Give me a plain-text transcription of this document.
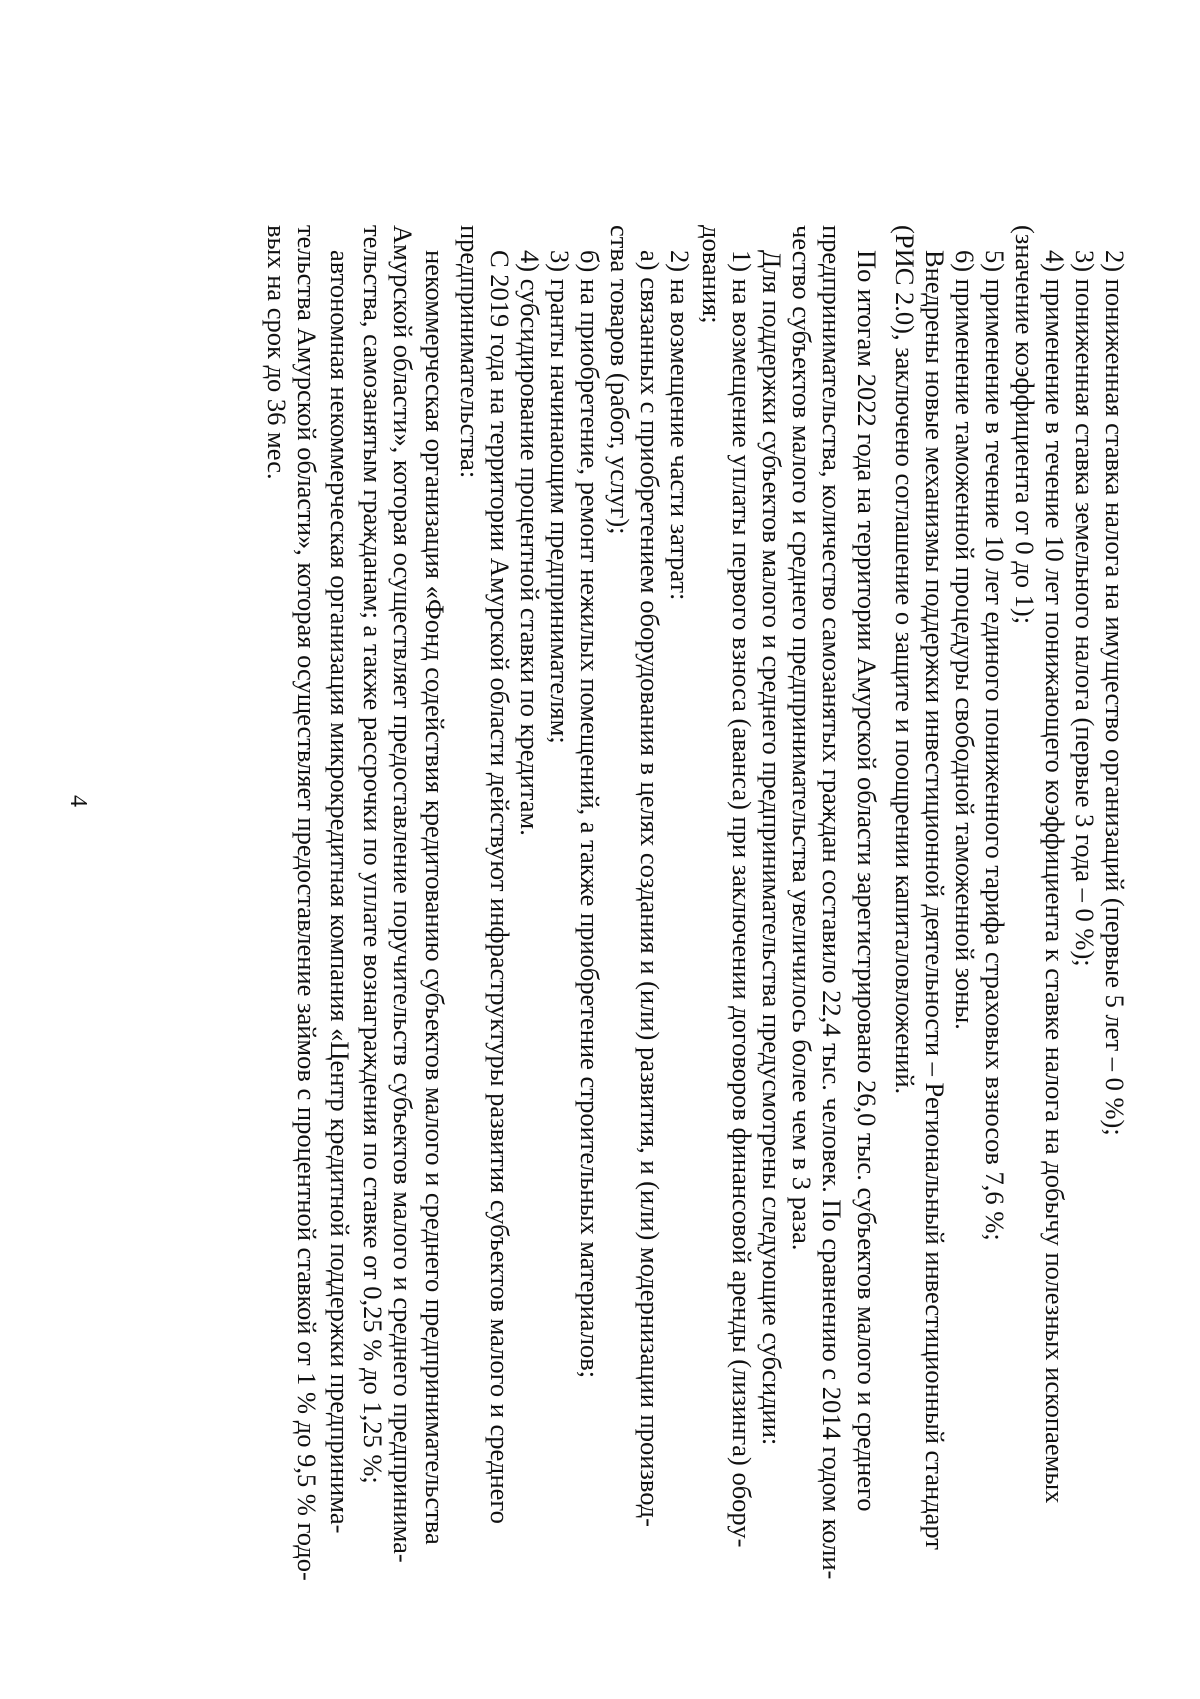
4	2) пониженная ставка налога на имущество организаций (первые 5 лет – 0 %);
3) пониженная ставка земельного налога (первые 3 года – 0 %);
4) применение в течение 10 лет понижающего коэффициента к ставке налога на добычу полезных ископаемых
(значение коэффициента от 0 до 1);
5) применение в течение 10 лет единого пониженного тарифа страховых взносов 7,6 %;
6) применение таможенной процедуры свободной таможенной зоны.
Внедрены новые механизмы поддержки инвестиционной деятельности – Региональный инвестиционный стандарт
(РИС 2.0), заключено соглашение о защите и поощрении капиталовложений.
По итогам 2022 года на территории Амурской области зарегистрировано 26,0 тыс. субъектов малого и среднего
предпринимательства, количество самозанятых граждан составило 22,4 тыс. человек. По сравнению с 2014 годом коли-
чество субъектов малого и среднего предпринимательства увеличилось более чем в 3 раза.
Для поддержки субъектов малого и среднего предпринимательства предусмотрены следующие субсидии:
1) на возмещение уплаты первого взноса (аванса) при заключении договоров финансовой аренды (лизинга) обору-
дования;
2) на возмещение части затрат:
а) связанных с приобретением оборудования в целях создания и (или) развития, и (или) модернизации производ-
ства товаров (работ, услуг);
б) на приобретение, ремонт нежилых помещений, а также приобретение строительных материалов;
3) гранты начинающим предпринимателям;
4) субсидирование процентной ставки по кредитам.
С 2019 года на территории Амурской области действуют инфраструктуры развития субъектов малого и среднего
предпринимательства:
некоммерческая организация «Фонд содействия кредитованию субъектов малого и среднего предпринимательства
Амурской области», которая осуществляет предоставление поручительств субъектов малого и среднего предпринима-
тельства, самозанятым гражданам; а также рассрочки по уплате вознаграждения по ставке от 0,25 % до 1,25 %;
автономная некоммерческая организация микрокредитная компания «Центр кредитной поддержки предпринима-
тельства Амурской области», которая осуществляет предоставление займов с процентной ставкой от 1 % до 9,5 % годо-
вых на срок до 36 мес.
